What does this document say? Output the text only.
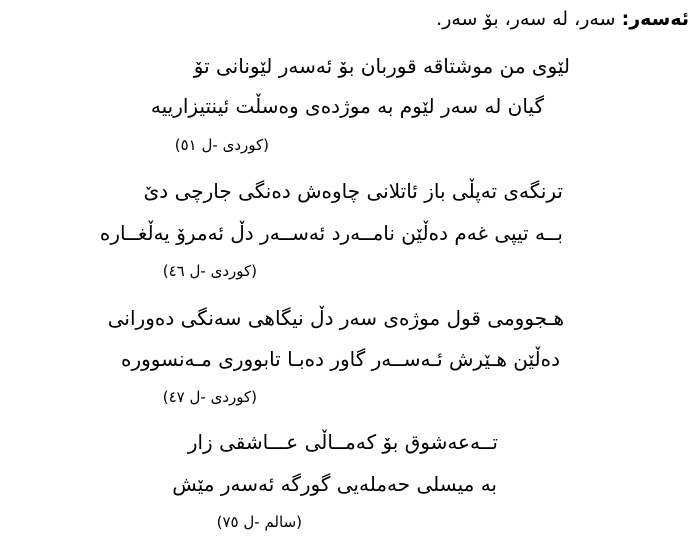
ئەسەر: سەر، لە سەر، بۆ سەر.
لێوی من موشتاقە قوربان بۆ ئەسەر لێونانی تۆ
گیان لە سەر لێوم بە موژدەی وەسڵت ئینتیزارییە
(کوردی -ل ٥١)
ترنگەی تەپڵی باز ئاتلانی چاوەش دەنگی جارچی دێ
بــە تیپی غەم دەڵێن نامــەرد ئەســەر دڵ ئەمرۆ یەڵغــارە
(کوردی -ل ٤٦)
هـجوومی قول موژەی سەر دڵ نیگاهی سەنگی دەورانی
دەڵێن هـێرش ئـەســەر گاور دەبـا تابووری مـەنسوورە
(کوردی -ل ٤٧)
تــەعەشوق بۆ کەمــاڵی عـــاشقی زار
بە میسلی حەملەیی گورگە ئەسەر مێش
(سالم -ل ٧٥)
